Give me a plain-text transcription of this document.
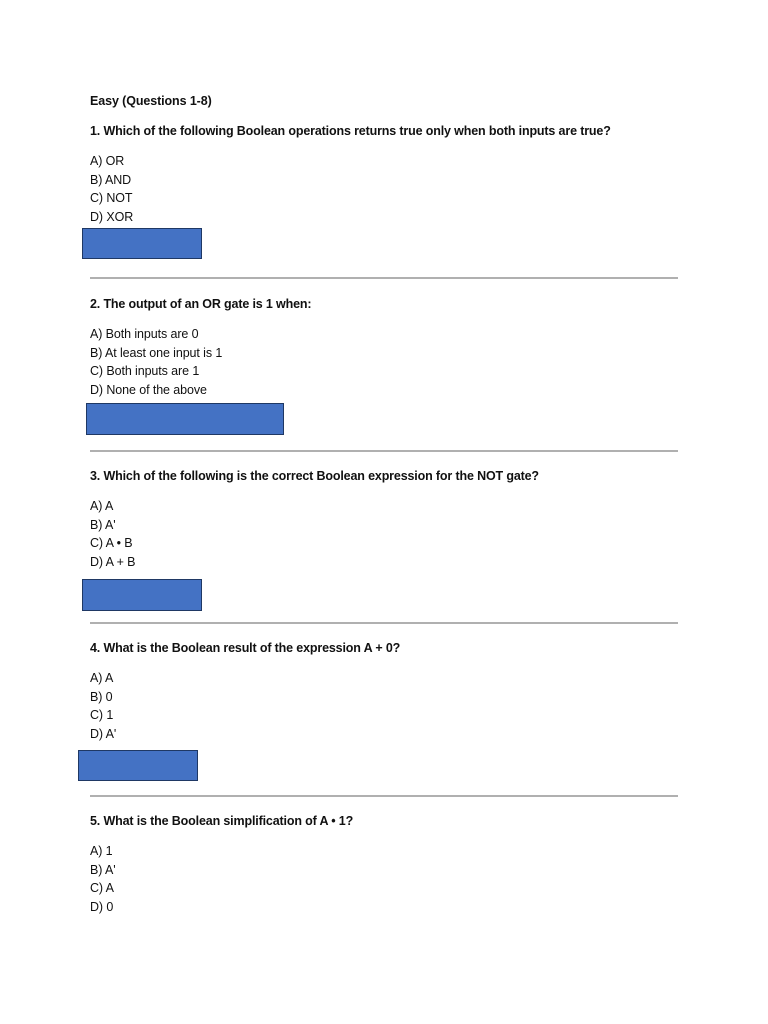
Easy (Questions 1-8)

1. Which of the following Boolean operations returns true only when both inputs are true?

A) OR
B) AND
C) NOT
D) XOR

2. The output of an OR gate is 1 when:

A) Both inputs are 0
B) At least one input is 1
C) Both inputs are 1
D) None of the above

3. Which of the following is the correct Boolean expression for the NOT gate?

A) A
B) A'
C) A • B
D) A + B

4. What is the Boolean result of the expression A + 0?

A) A
B) 0
C) 1
D) A'

5. What is the Boolean simplification of A • 1?

A) 1
B) A'
C) A
D) 0
